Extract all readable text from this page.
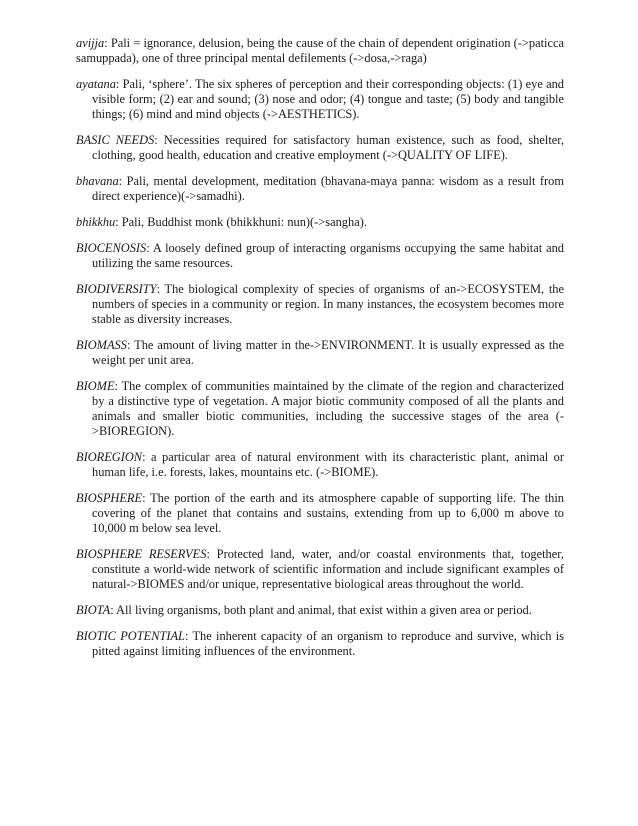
avijja: Pali = ignorance, delusion, being the cause of the chain of dependent origination (->paticca samuppada), one of three principal mental defilements (->dosa,->raga)

ayatana: Pali, ‘sphere’. The six spheres of perception and their corresponding objects: (1) eye and visible form; (2) ear and sound; (3) nose and odor; (4) tongue and taste; (5) body and tangible things; (6) mind and mind objects (->AESTHETICS).

BASIC NEEDS: Necessities required for satisfactory human existence, such as food, shelter, clothing, good health, education and creative employment (->QUALITY OF LIFE).

bhavana: Pali, mental development, meditation (bhavana-maya panna: wisdom as a result from direct experience)(->samadhi).

bhikkhu: Pali, Buddhist monk (bhikkhuni: nun)(->sangha).

BIOCENOSIS: A loosely defined group of interacting organisms occupying the same habitat and utilizing the same resources.

BIODIVERSITY: The biological complexity of species of organisms of an->ECOSYSTEM, the numbers of species in a community or region. In many instances, the ecosystem becomes more stable as diversity increases.

BIOMASS: The amount of living matter in the->ENVIRONMENT. It is usually expressed as the weight per unit area.

BIOME: The complex of communities maintained by the climate of the region and characterized by a distinctive type of vegetation. A major biotic community composed of all the plants and animals and smaller biotic communities, including the successive stages of the area (->BIOREGION).

BIOREGION: a particular area of natural environment with its characteristic plant, animal or human life, i.e. forests, lakes, mountains etc. (->BIOME).

BIOSPHERE: The portion of the earth and its atmosphere capable of supporting life. The thin covering of the planet that contains and sustains, extending from up to 6,000 m above to 10,000 m below sea level.

BIOSPHERE RESERVES: Protected land, water, and/or coastal environments that, together, constitute a world-wide network of scientific information and include significant examples of natural->BIOMES and/or unique, representative biological areas throughout the world.

BIOTA: All living organisms, both plant and animal, that exist within a given area or period.

BIOTIC POTENTIAL: The inherent capacity of an organism to reproduce and survive, which is pitted against limiting influences of the environment.
